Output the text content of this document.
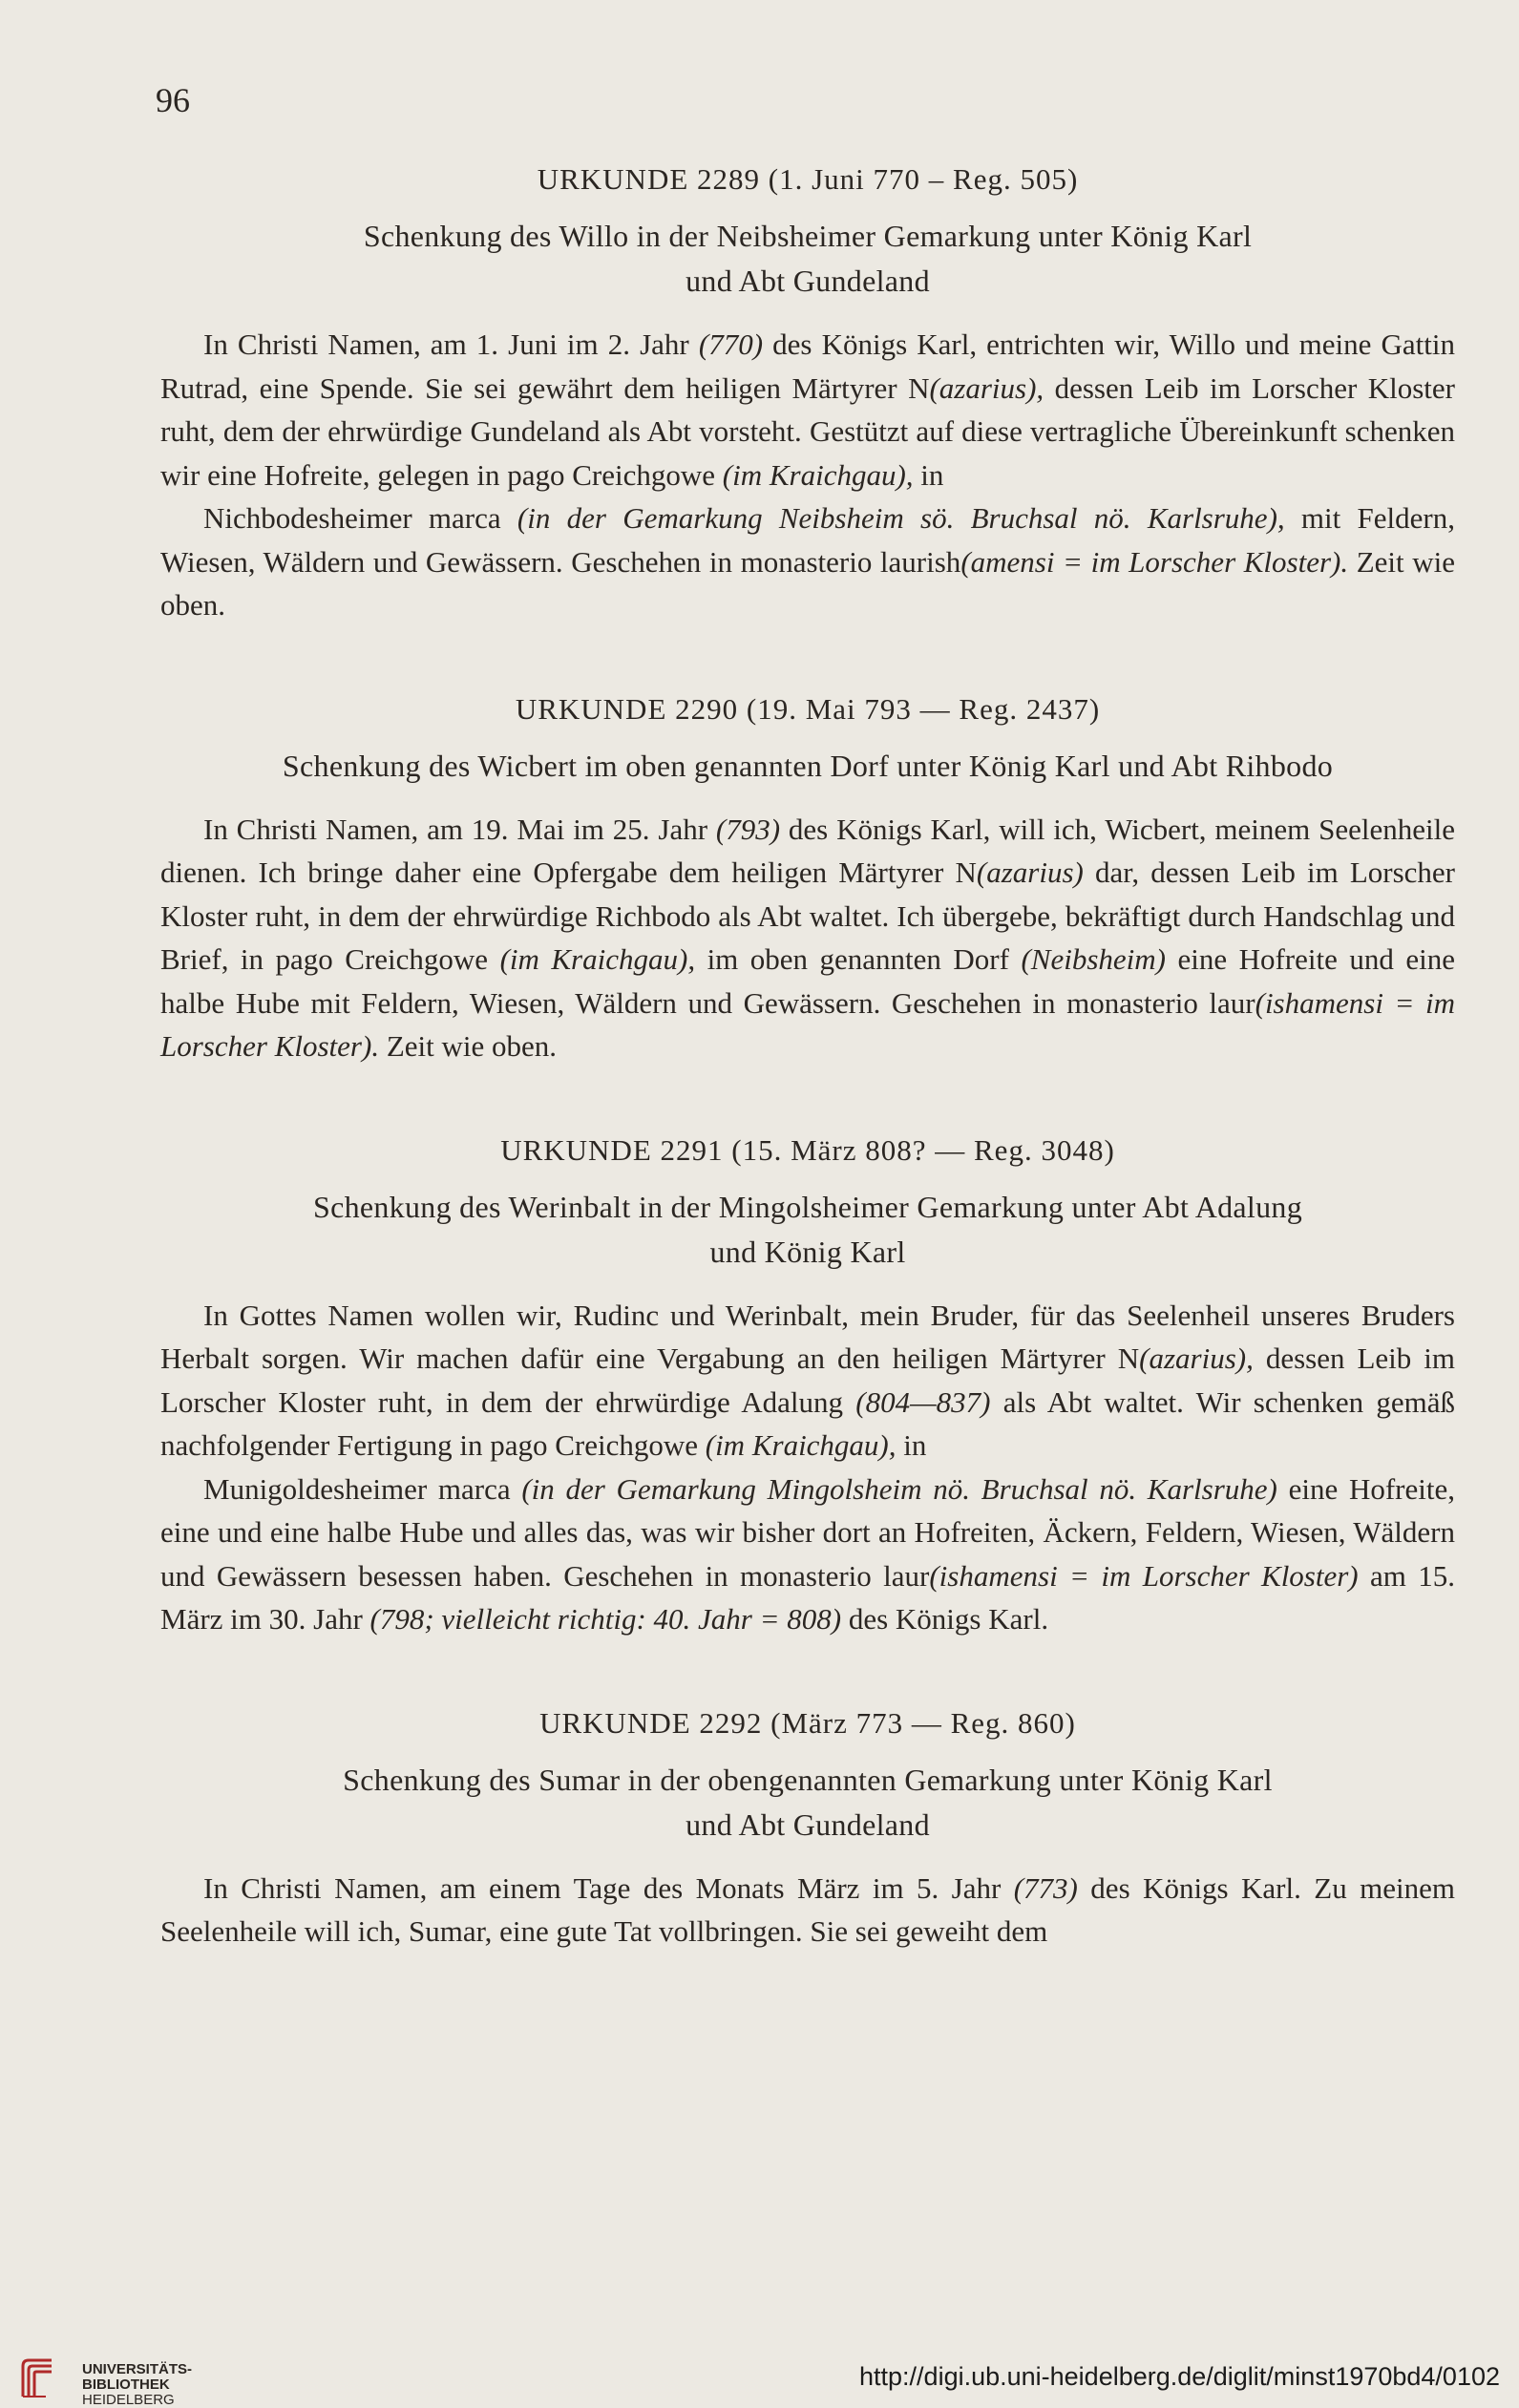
96
URKUNDE 2289 (1. Juni 770 – Reg. 505)
Schenkung des Willo in der Neibsheimer Gemarkung unter König Karl
und Abt Gundeland

In Christi Namen, am 1. Juni im 2. Jahr (770) des Königs Karl, entrichten wir, Willo und meine Gattin Rutrad, eine Spende. Sie sei gewährt dem heiligen Märtyrer N(azarius), dessen Leib im Lorscher Kloster ruht, dem der ehrwürdige Gundeland als Abt vorsteht. Gestützt auf diese vertragliche Übereinkunft schenken wir eine Hofreite, gelegen in pago Creichgowe (im Kraichgau), in

Nichbodesheimer marca (in der Gemarkung Neibsheim sö. Bruchsal nö. Karlsruhe), mit Feldern, Wiesen, Wäldern und Gewässern. Geschehen in monasterio laurish(amensi = im Lorscher Kloster). Zeit wie oben.

URKUNDE 2290 (19. Mai 793 — Reg. 2437)
Schenkung des Wicbert im oben genannten Dorf unter König Karl und Abt Rihbodo

In Christi Namen, am 19. Mai im 25. Jahr (793) des Königs Karl, will ich, Wicbert, meinem Seelenheile dienen. Ich bringe daher eine Opfergabe dem heiligen Märtyrer N(azarius) dar, dessen Leib im Lorscher Kloster ruht, in dem der ehrwürdige Richbodo als Abt waltet. Ich übergebe, bekräftigt durch Handschlag und Brief, in pago Creichgowe (im Kraichgau), im oben genannten Dorf (Neibsheim) eine Hofreite und eine halbe Hube mit Feldern, Wiesen, Wäldern und Gewässern. Geschehen in monasterio laur(ishamensi = im Lorscher Kloster). Zeit wie oben.

URKUNDE 2291 (15. März 808? — Reg. 3048)
Schenkung des Werinbalt in der Mingolsheimer Gemarkung unter Abt Adalung
und König Karl

In Gottes Namen wollen wir, Rudinc und Werinbalt, mein Bruder, für das Seelenheil unseres Bruders Herbalt sorgen. Wir machen dafür eine Vergabung an den heiligen Märtyrer N(azarius), dessen Leib im Lorscher Kloster ruht, in dem der ehrwürdige Adalung (804—837) als Abt waltet. Wir schenken gemäß nachfolgender Fertigung in pago Creichgowe (im Kraichgau), in

Munigoldesheimer marca (in der Gemarkung Mingolsheim nö. Bruchsal nö. Karlsruhe) eine Hofreite, eine und eine halbe Hube und alles das, was wir bisher dort an Hofreiten, Äckern, Feldern, Wiesen, Wäldern und Gewässern besessen haben. Geschehen in monasterio laur(ishamensi = im Lorscher Kloster) am 15. März im 30. Jahr (798; vielleicht richtig: 40. Jahr = 808) des Königs Karl.

URKUNDE 2292 (März 773 — Reg. 860)
Schenkung des Sumar in der obengenannten Gemarkung unter König Karl
und Abt Gundeland

In Christi Namen, am einem Tage des Monats März im 5. Jahr (773) des Königs Karl. Zu meinem Seelenheile will ich, Sumar, eine gute Tat vollbringen. Sie sei geweiht dem

UNIVERSITÄTS-
BIBLIOTHEK
HEIDELBERG
http://digi.ub.uni-heidelberg.de/diglit/minst1970bd4/0102
